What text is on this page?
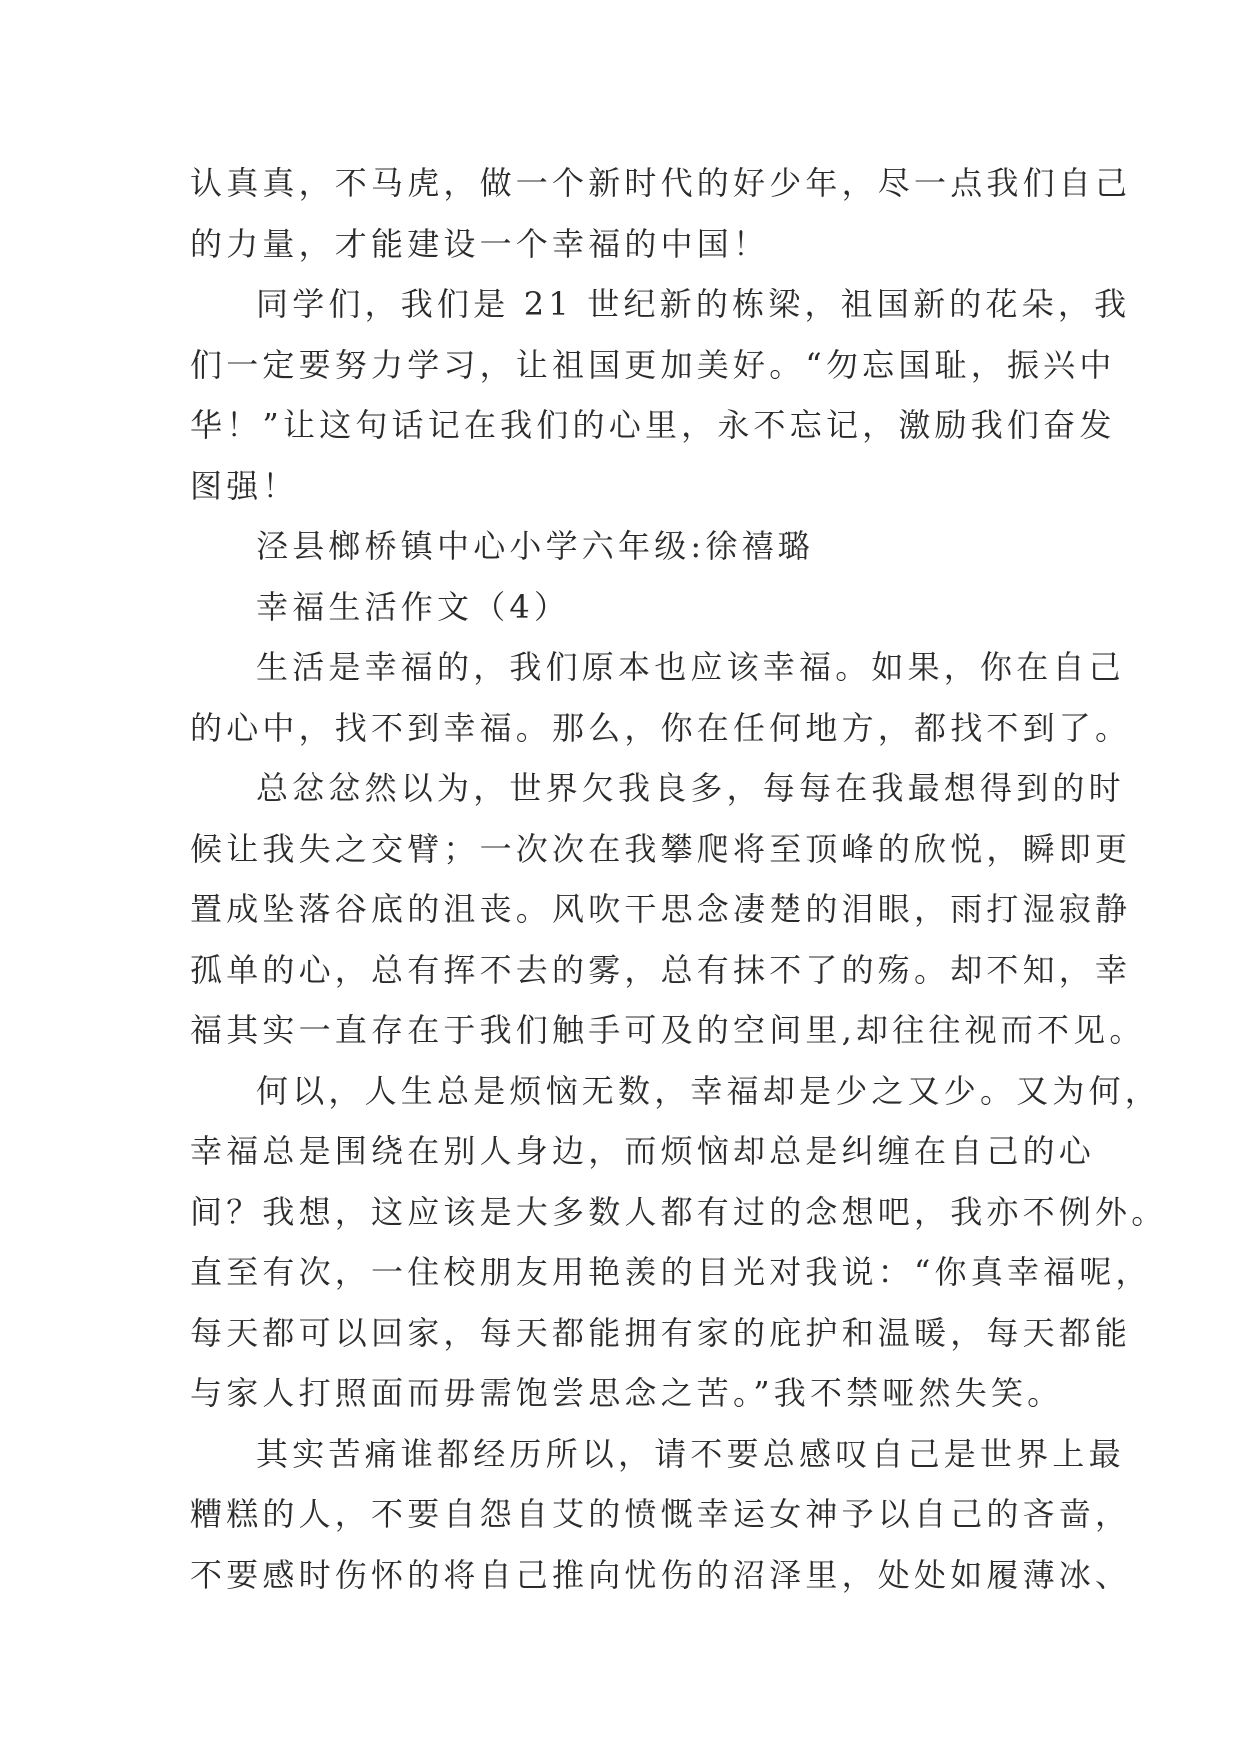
认真真，不马虎，做一个新时代的好少年，尽一点我们自己
的力量，才能建设一个幸福的中国！
同学们，我们是 21 世纪新的栋梁，祖国新的花朵，我
们一定要努力学习，让祖国更加美好。“勿忘国耻，振兴中
华！”让这句话记在我们的心里，永不忘记，激励我们奋发
图强！
泾县榔桥镇中心小学六年级:徐禧璐
幸福生活作文（4）
生活是幸福的，我们原本也应该幸福。如果，你在自己
的心中，找不到幸福。那么，你在任何地方，都找不到了。
总忿忿然以为，世界欠我良多，每每在我最想得到的时
候让我失之交臂；一次次在我攀爬将至顶峰的欣悦，瞬即更
置成坠落谷底的沮丧。风吹干思念凄楚的泪眼，雨打湿寂静
孤单的心，总有挥不去的雾，总有抹不了的殇。却不知，幸
福其实一直存在于我们触手可及的空间里,却往往视而不见。
何以，人生总是烦恼无数，幸福却是少之又少。又为何，
幸福总是围绕在别人身边，而烦恼却总是纠缠在自己的心
间？我想，这应该是大多数人都有过的念想吧，我亦不例外。
直至有次，一住校朋友用艳羡的目光对我说：“你真幸福呢，
每天都可以回家，每天都能拥有家的庇护和温暖，每天都能
与家人打照面而毋需饱尝思念之苦。”我不禁哑然失笑。
其实苦痛谁都经历所以，请不要总感叹自己是世界上最
糟糕的人，不要自怨自艾的愤慨幸运女神予以自己的吝啬，
不要感时伤怀的将自己推向忧伤的沼泽里，处处如履薄冰、
